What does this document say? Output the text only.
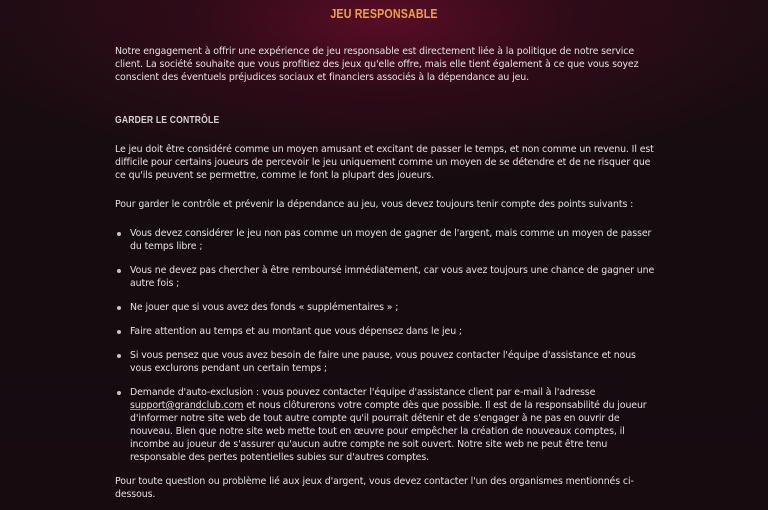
JEU RESPONSABLE

Notre engagement à offrir une expérience de jeu responsable est directement liée à la politique de notre service client. La société souhaite que vous profitiez des jeux qu'elle offre, mais elle tient également à ce que vous soyez conscient des éventuels préjudices sociaux et financiers associés à la dépendance au jeu.

GARDER LE CONTRÔLE

Le jeu doit être considéré comme un moyen amusant et excitant de passer le temps, et non comme un revenu. Il est difficile pour certains joueurs de percevoir le jeu uniquement comme un moyen de se détendre et de ne risquer que ce qu'ils peuvent se permettre, comme le font la plupart des joueurs.

Pour garder le contrôle et prévenir la dépendance au jeu, vous devez toujours tenir compte des points suivants :

Vous devez considérer le jeu non pas comme un moyen de gagner de l'argent, mais comme un moyen de passer du temps libre ;
Vous ne devez pas chercher à être remboursé immédiatement, car vous avez toujours une chance de gagner une autre fois ;
Ne jouer que si vous avez des fonds « supplémentaires » ;
Faire attention au temps et au montant que vous dépensez dans le jeu ;
Si vous pensez que vous avez besoin de faire une pause, vous pouvez contacter l'équipe d'assistance et nous vous exclurons pendant un certain temps ;
Demande d'auto-exclusion : vous pouvez contacter l'équipe d'assistance client par e-mail à l'adresse support@grandclub.com et nous clôturerons votre compte dès que possible. Il est de la responsabilité du joueur d'informer notre site web de tout autre compte qu'il pourrait détenir et de s'engager à ne pas en ouvrir de nouveau. Bien que notre site web mette tout en œuvre pour empêcher la création de nouveaux comptes, il incombe au joueur de s'assurer qu'aucun autre compte ne soit ouvert. Notre site web ne peut être tenu responsable des pertes potentielles subies sur d'autres comptes.

Pour toute question ou problème lié aux jeux d'argent, vous devez contacter l'un des organismes mentionnés ci-dessous.
